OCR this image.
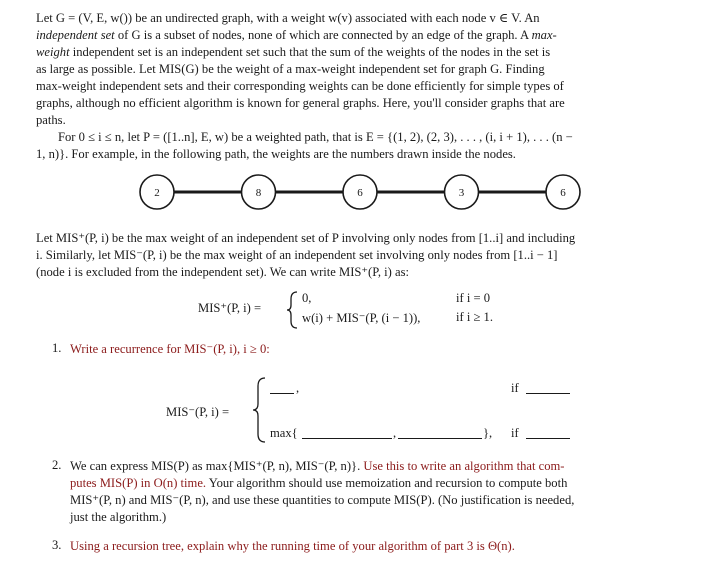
Let G = (V, E, w()) be an undirected graph, with a weight w(v) associated with each node v ∈ V. An
independent set of G is a subset of nodes, none of which are connected by an edge of the graph. A max-
weight independent set is an independent set such that the sum of the weights of the nodes in the set is
as large as possible. Let MIS(G) be the weight of a max-weight independent set for graph G. Finding
max-weight independent sets and their corresponding weights can be done efficiently for simple types of
graphs, although no efficient algorithm is known for general graphs. Here, you'll consider graphs that are
paths.
For 0 ≤ i ≤ n, let P = ([1..n], E, w) be a weighted path, that is E = {(1, 2), (2, 3), . . . , (i, i + 1), . . . (n −
1, n)}. For example, in the following path, the weights are the numbers drawn inside the nodes.
2	8	6	3	6
Let MIS⁺(P, i) be the max weight of an independent set of P involving only nodes from [1..i] and including
i. Similarly, let MIS⁻(P, i) be the max weight of an independent set involving only nodes from [1..i − 1]
(node i is excluded from the independent set). We can write MIS⁺(P, i) as:
MIS⁺(P, i) =
0,	if i = 0
w(i) + MIS⁻(P, (i − 1)),	if i ≥ 1.
1. Write a recurrence for MIS⁻(P, i), i ≥ 0:
MIS⁻(P, i) =
,	if
max{	,	}, if
2. We can express MIS(P) as max{MIS⁺(P, n), MIS⁻(P, n)}. Use this to write an algorithm that com-
putes MIS(P) in O(n) time. Your algorithm should use memoization and recursion to compute both
MIS⁺(P, n) and MIS⁻(P, n), and use these quantities to compute MIS(P). (No justification is needed,
just the algorithm.)
3. Using a recursion tree, explain why the running time of your algorithm of part 3 is Θ(n).
